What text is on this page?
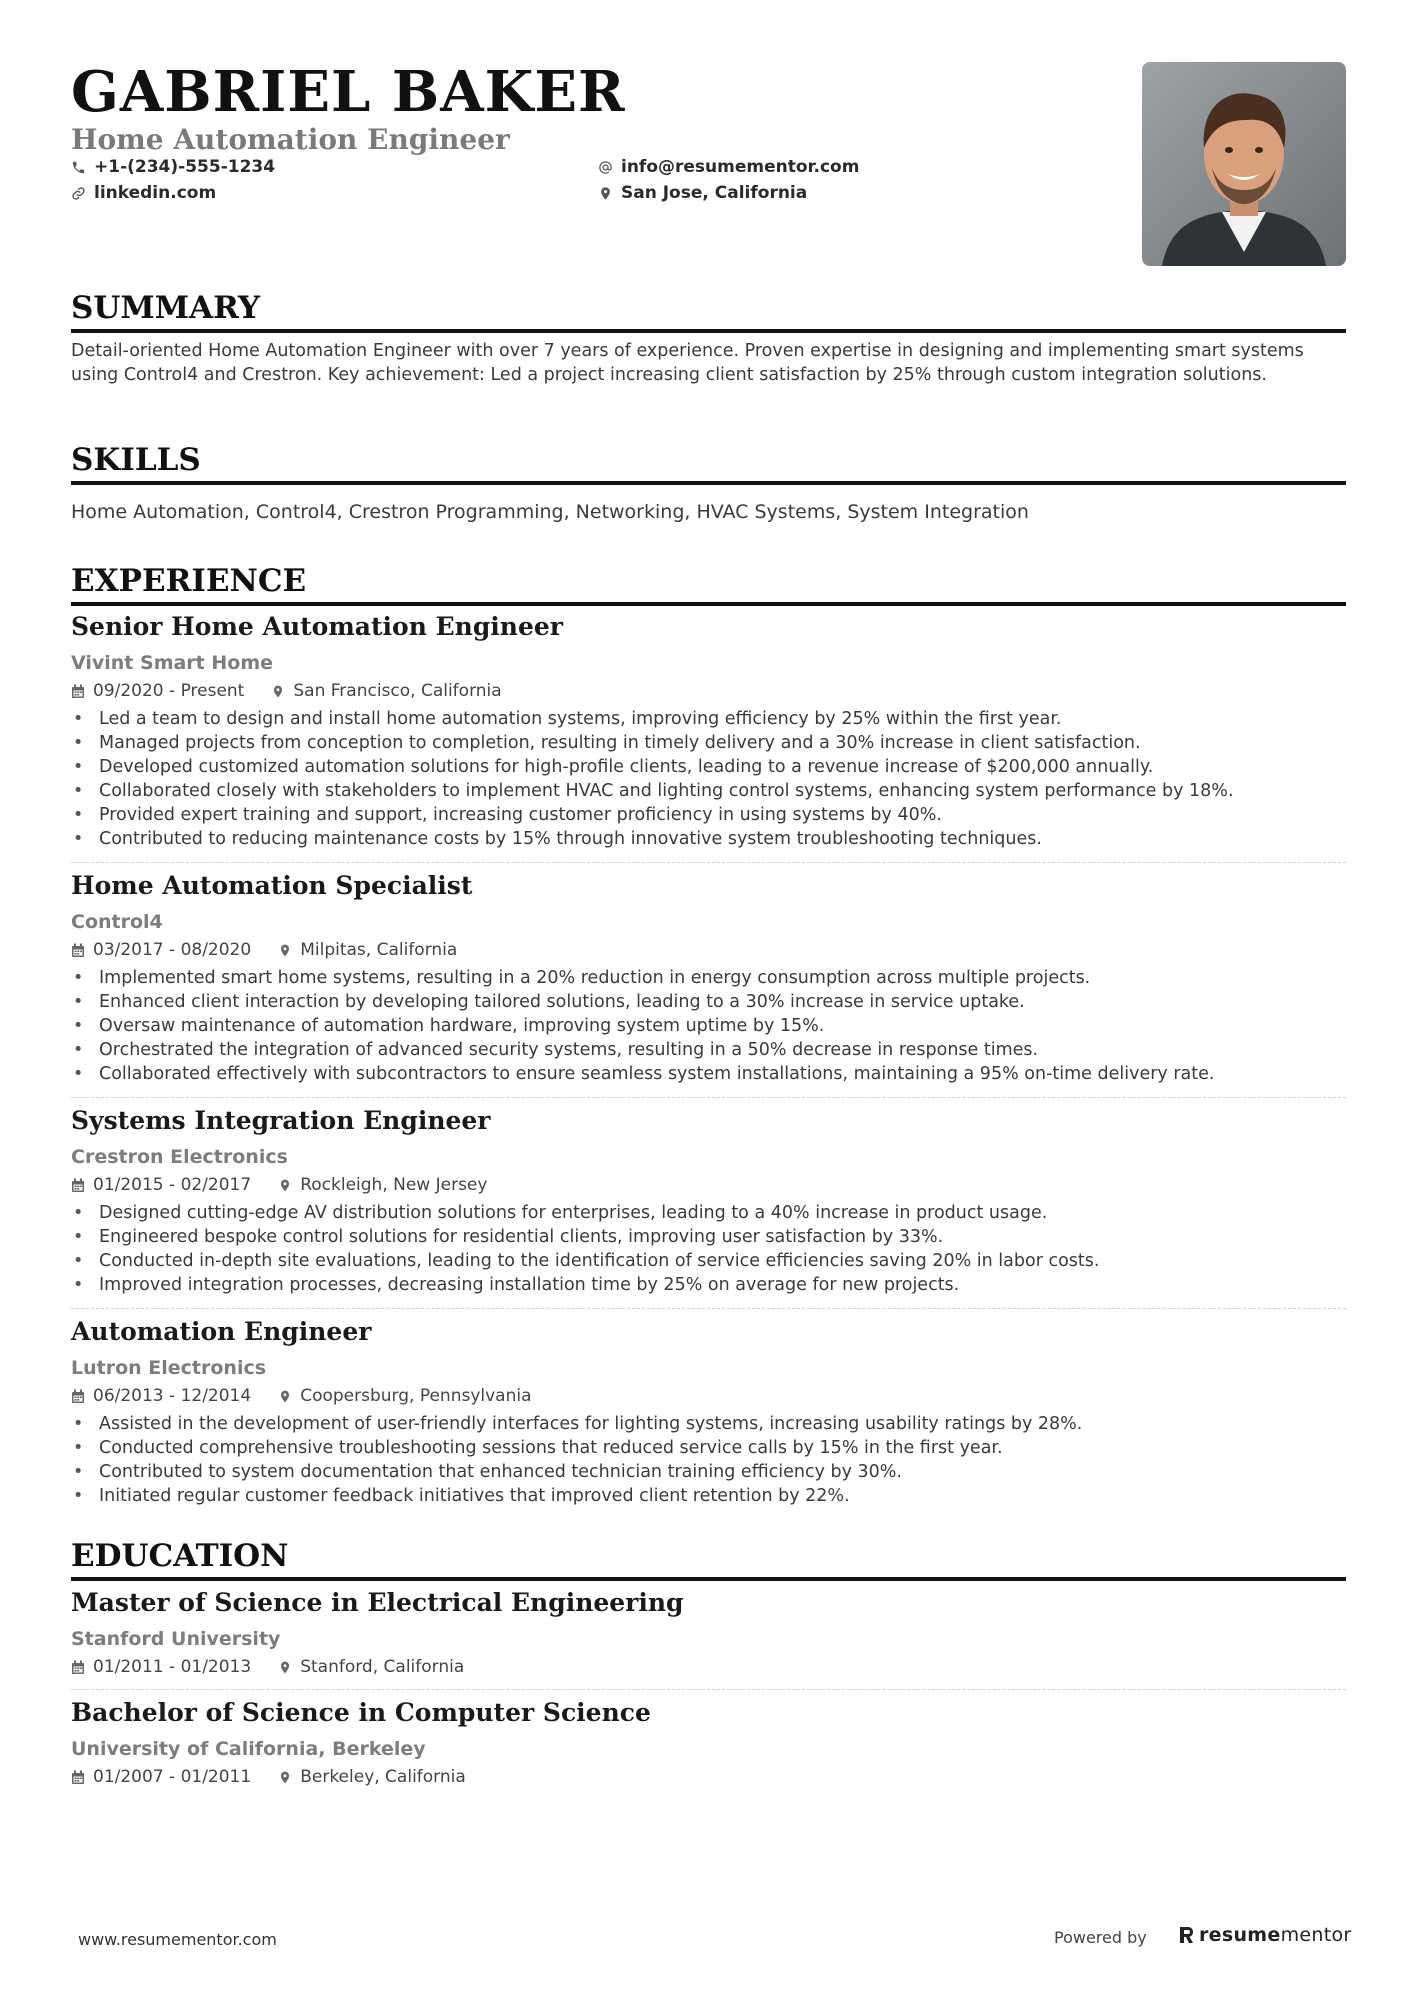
GABRIEL BAKER
Home Automation Engineer
+1-(234)-555-1234
linkedin.com
info@resumementor.com
San Jose, California
SUMMARY

Detail-oriented Home Automation Engineer with over 7 years of experience. Proven expertise in designing and implementing smart systems using Control4 and Crestron. Key achievement: Led a project increasing client satisfaction by 25% through custom integration solutions.

SKILLS

Home Automation, Control4, Crestron Programming, Networking, HVAC Systems, System Integration

EXPERIENCE
Senior Home Automation Engineer
Vivint Smart Home
09/2020 - Present	San Francisco, California
• Led a team to design and install home automation systems, improving efficiency by 25% within the first year.
• Managed projects from conception to completion, resulting in timely delivery and a 30% increase in client satisfaction.
• Developed customized automation solutions for high-profile clients, leading to a revenue increase of $200,000 annually.
• Collaborated closely with stakeholders to implement HVAC and lighting control systems, enhancing system performance by 18%.
• Provided expert training and support, increasing customer proficiency in using systems by 40%.
• Contributed to reducing maintenance costs by 15% through innovative system troubleshooting techniques.
Home Automation Specialist
Control4
03/2017 - 08/2020	Milpitas, California
• Implemented smart home systems, resulting in a 20% reduction in energy consumption across multiple projects.
• Enhanced client interaction by developing tailored solutions, leading to a 30% increase in service uptake.
• Oversaw maintenance of automation hardware, improving system uptime by 15%.
• Orchestrated the integration of advanced security systems, resulting in a 50% decrease in response times.
• Collaborated effectively with subcontractors to ensure seamless system installations, maintaining a 95% on-time delivery rate.
Systems Integration Engineer
Crestron Electronics
01/2015 - 02/2017	Rockleigh, New Jersey
• Designed cutting-edge AV distribution solutions for enterprises, leading to a 40% increase in product usage.
• Engineered bespoke control solutions for residential clients, improving user satisfaction by 33%.
• Conducted in-depth site evaluations, leading to the identification of service efficiencies saving 20% in labor costs.
• Improved integration processes, decreasing installation time by 25% on average for new projects.
Automation Engineer
Lutron Electronics
06/2013 - 12/2014	Coopersburg, Pennsylvania
• Assisted in the development of user-friendly interfaces for lighting systems, increasing usability ratings by 28%.
• Conducted comprehensive troubleshooting sessions that reduced service calls by 15% in the first year.
• Contributed to system documentation that enhanced technician training efficiency by 30%.
• Initiated regular customer feedback initiatives that improved client retention by 22%.
EDUCATION
Master of Science in Electrical Engineering
Stanford University
01/2011 - 01/2013	Stanford, California
Bachelor of Science in Computer Science
University of California, Berkeley
01/2007 - 01/2011	Berkeley, California
www.resumementor.com	Powered by	resume mentor
